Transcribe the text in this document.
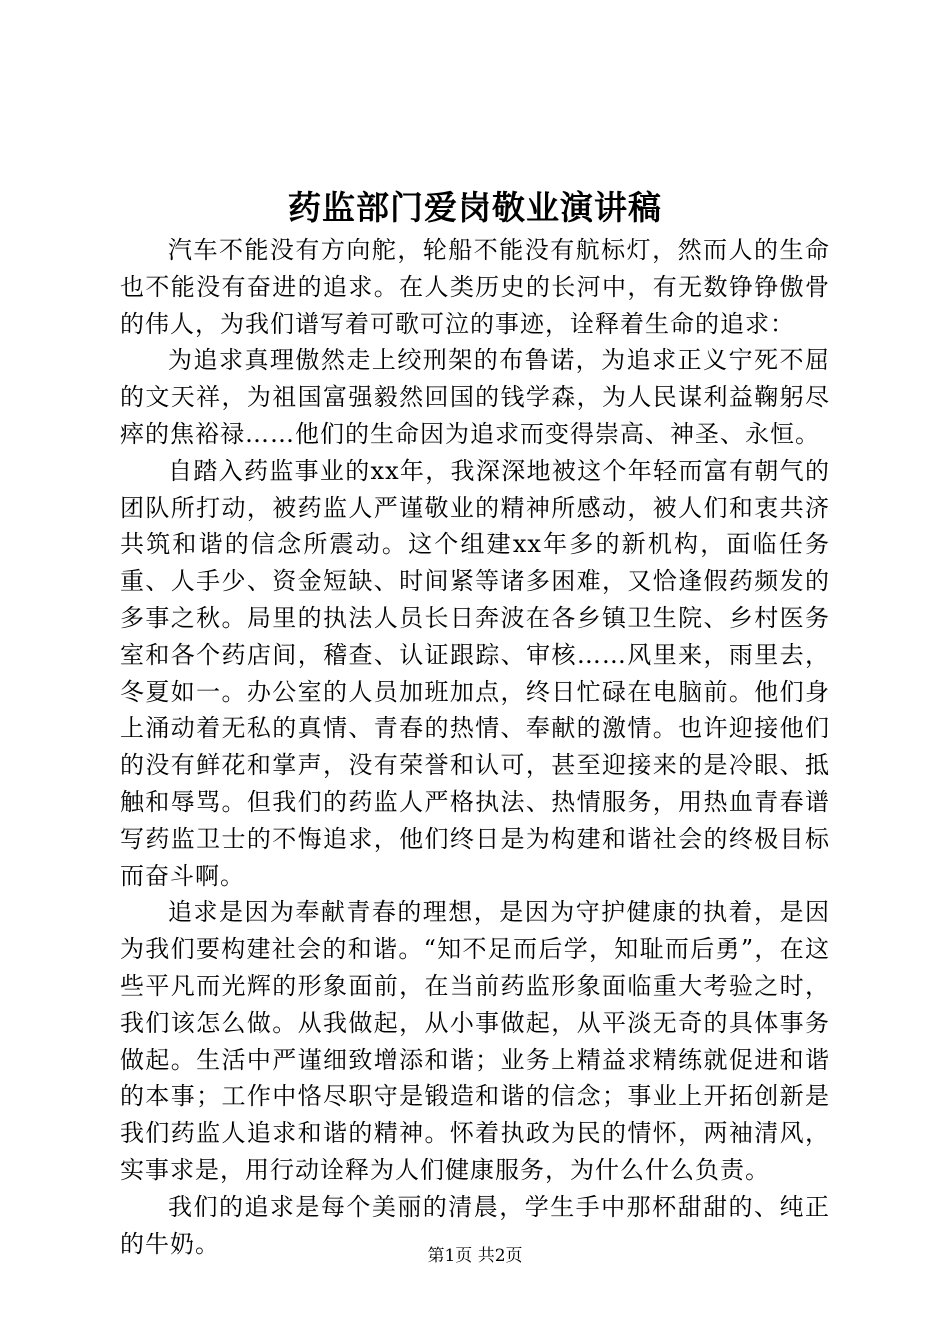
药监部门爱岗敬业演讲稿

汽车不能没有方向舵，轮船不能没有航标灯，然而人的生命也不能没有奋进的追求。在人类历史的长河中，有无数铮铮傲骨的伟人，为我们谱写着可歌可泣的事迹，诠释着生命的追求：

为追求真理傲然走上绞刑架的布鲁诺，为追求正义宁死不屈的文天祥，为祖国富强毅然回国的钱学森，为人民谋利益鞠躬尽瘁的焦裕禄……他们的生命因为追求而变得崇高、神圣、永恒。

自踏入药监事业的xx年，我深深地被这个年轻而富有朝气的团队所打动，被药监人严谨敬业的精神所感动，被人们和衷共济共筑和谐的信念所震动。这个组建xx年多的新机构，面临任务重、人手少、资金短缺、时间紧等诸多困难，又恰逢假药频发的多事之秋。局里的执法人员长日奔波在各乡镇卫生院、乡村医务室和各个药店间，稽查、认证跟踪、审核……风里来，雨里去，冬夏如一。办公室的人员加班加点，终日忙碌在电脑前。他们身上涌动着无私的真情、青春的热情、奉献的激情。也许迎接他们的没有鲜花和掌声，没有荣誉和认可，甚至迎接来的是冷眼、抵触和辱骂。但我们的药监人严格执法、热情服务，用热血青春谱写药监卫士的不悔追求，他们终日是为构建和谐社会的终极目标而奋斗啊。

追求是因为奉献青春的理想，是因为守护健康的执着，是因为我们要构建社会的和谐。“知不足而后学，知耻而后勇”，在这些平凡而光辉的形象面前，在当前药监形象面临重大考验之时，我们该怎么做。从我做起，从小事做起，从平淡无奇的具体事务做起。生活中严谨细致增添和谐；业务上精益求精练就促进和谐的本事；工作中恪尽职守是锻造和谐的信念；事业上开拓创新是我们药监人追求和谐的精神。怀着执政为民的情怀，两袖清风，实事求是，用行动诠释为人们健康服务，为什么什么负责。

我们的追求是每个美丽的清晨，学生手中那杯甜甜的、纯正的牛奶。	第1页 共2页
